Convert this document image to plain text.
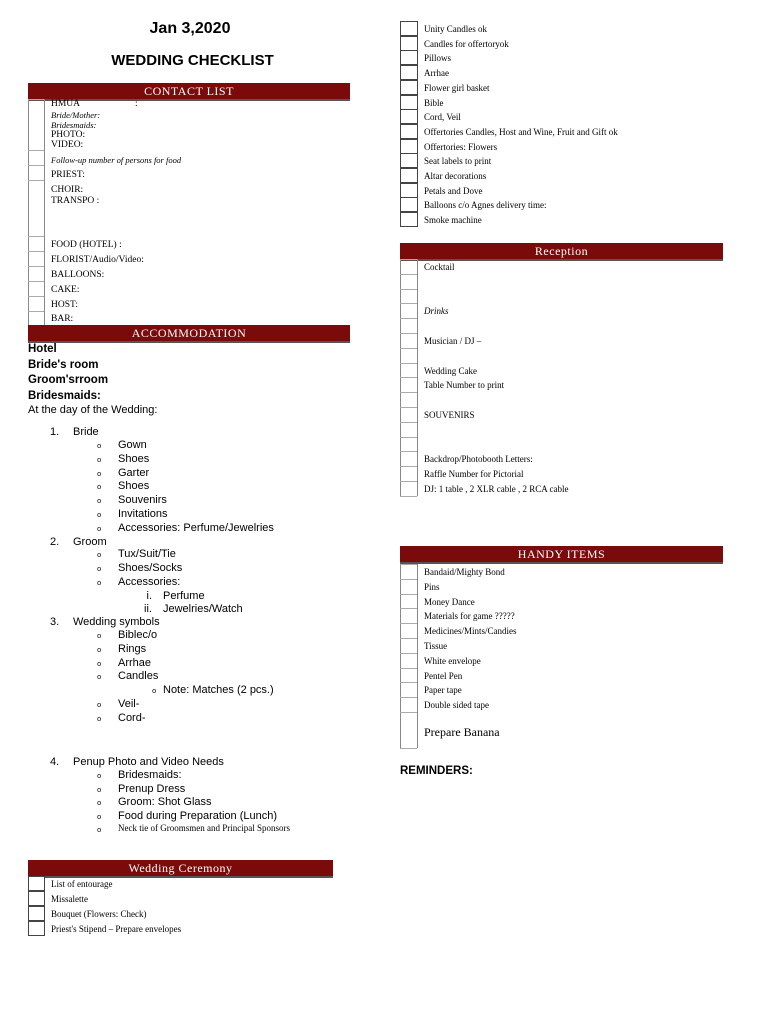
Jan 3,2020
WEDDING CHECKLIST
CONTACT LIST
HMUA	:
Bride/Mother:
Bridesmaids:
PHOTO:
VIDEO:
Follow-up number of persons for food
PRIEST:
CHOIR:
TRANSPO :
FOOD (HOTEL) :
FLORIST/Audio/Video:
BALLOONS:
CAKE:
HOST:
BAR:
ACCOMMODATION
Hotel
Bride's room
Groom'srroom
Bridesmaids:
At the day of the Wedding:
1. Bride
o Gown
o Shoes
o Garter
o Shoes
o Souvenirs
o Invitations
o Accessories: Perfume/Jewelries
2. Groom
o Tux/Suit/Tie
o Shoes/Socks
o Accessories:
i. Perfume
ii. Jewelries/Watch
3. Wedding symbols
o Biblec/o
o Rings
o Arrhae
o Candles
o Note: Matches (2 pcs.)
o Veil-
o Cord-
4. Penup Photo and Video Needs
o Bridesmaids:
o Prenup Dress
o Groom: Shot Glass
o Food during Preparation (Lunch)
o Neck tie of Groomsmen and Principal Sponsors
Wedding Ceremony
List of entourage
Missalette
Bouquet (Flowers: Check)
Priest's Stipend – Prepare envelopes
Unity Candles ok
Candles for offertoryok
Pillows
Arrhae
Flower girl basket
Bible
Cord, Veil
Offertories Candles, Host and Wine, Fruit and Gift ok
Offertories: Flowers
Seat labels to print
Altar decorations
Petals and Dove
Balloons c/o Agnes delivery time:
Smoke machine
Reception
Cocktail
Drinks
Musician / DJ –
Wedding Cake
Table Number to print
SOUVENIRS
Backdrop/Photobooth Letters:
Raffle Number for Pictorial
DJ: 1 table , 2 XLR cable , 2 RCA cable
HANDY ITEMS
Bandaid/Mighty Bond
Pins
Money Dance
Materials for game ?????
Medicines/Mints/Candies
Tissue
White envelope
Pentel Pen
Paper tape
Double sided tape
Prepare Banana
REMINDERS:
